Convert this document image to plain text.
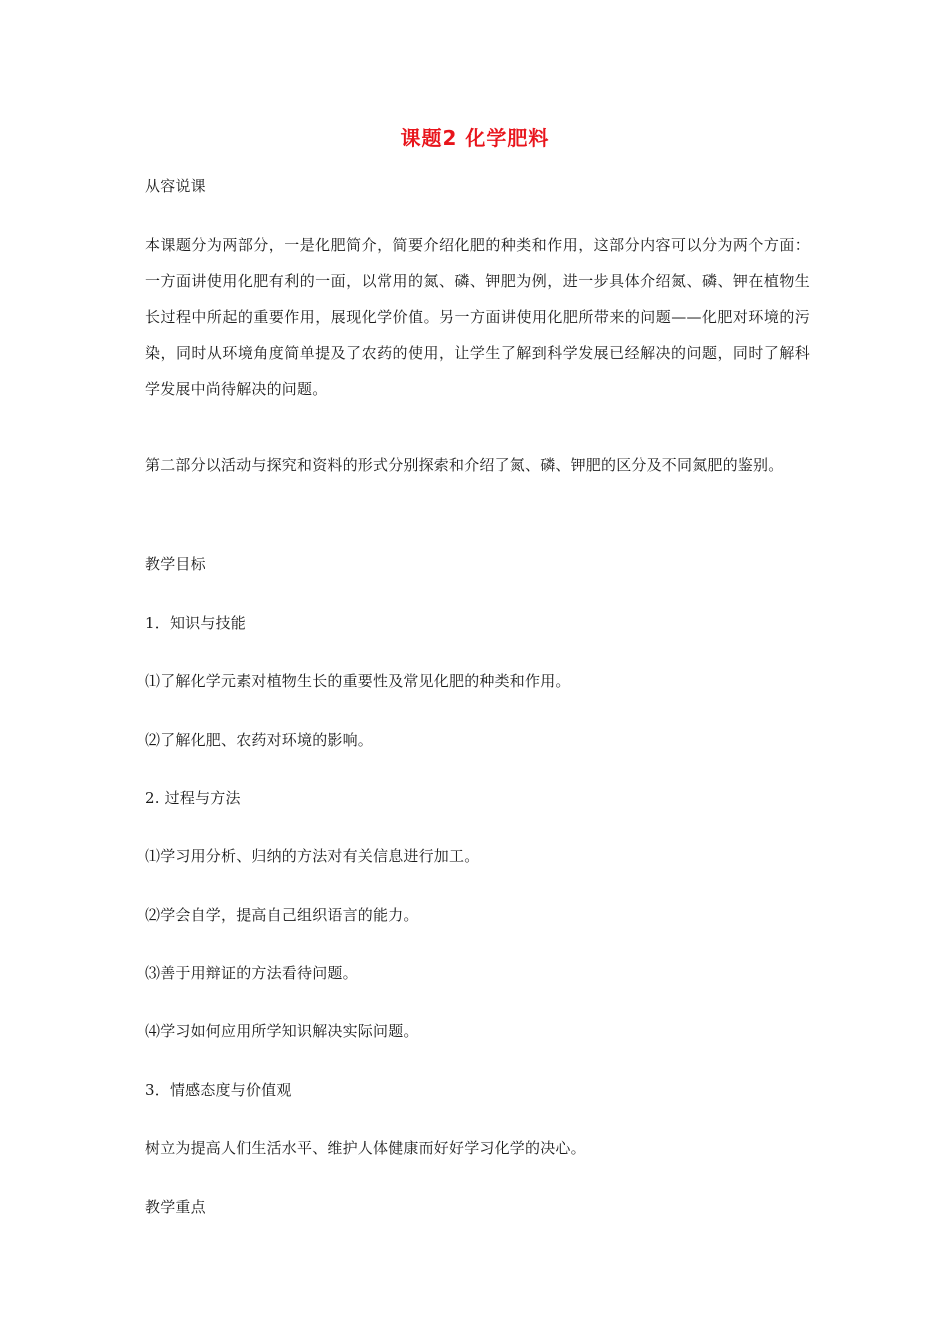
课题2 化学肥料
从容说课
本课题分为两部分，一是化肥简介，简要介绍化肥的种类和作用，这部分内容可以分为两个方面：一方面讲使用化肥有利的一面，以常用的氮、磷、钾肥为例，进一步具体介绍氮、磷、钾在植物生长过程中所起的重要作用，展现化学价值。另一方面讲使用化肥所带来的问题——化肥对环境的污染，同时从环境角度简单提及了农药的使用，让学生了解到科学发展已经解决的问题，同时了解科学发展中尚待解决的问题。
第二部分以活动与探究和资料的形式分别探索和介绍了氮、磷、钾肥的区分及不同氮肥的鉴别。
教学目标
1．知识与技能
⑴了解化学元素对植物生长的重要性及常见化肥的种类和作用。
⑵了解化肥、农药对环境的影响。
2. 过程与方法
⑴学习用分析、归纳的方法对有关信息进行加工。
⑵学会自学，提高自己组织语言的能力。
⑶善于用辩证的方法看待问题。
⑷学习如何应用所学知识解决实际问题。
3．情感态度与价值观
树立为提高人们生活水平、维护人体健康而好好学习化学的决心。
教学重点
